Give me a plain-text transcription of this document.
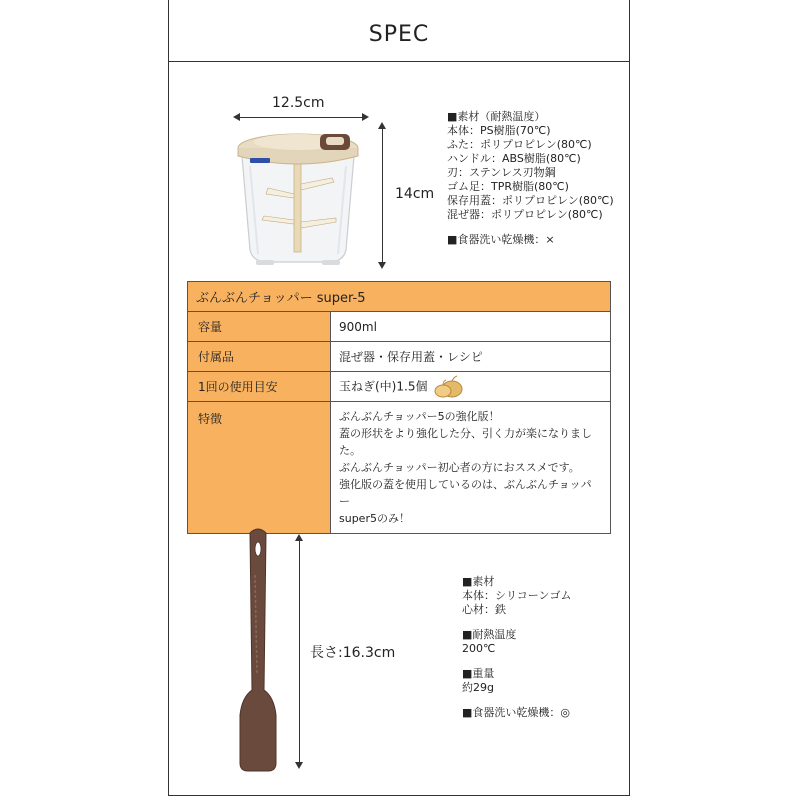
SPEC
12.5cm
14cm
■素材（耐熱温度）
本体：PS樹脂(70℃)
ふた：ポリプロピレン(80℃)
ハンドル：ABS樹脂(80℃)
刃：ステンレス刃物鋼
ゴム足：TPR樹脂(80℃)
保存用蓋：ポリプロピレン(80℃)
混ぜ器：ポリプロピレン(80℃)
■食器洗い乾燥機：×
ぶんぶんチョッパー super-5	
容量	900ml
付属品	混ぜ器・保存用蓋・レシピ
1回の使用目安	玉ねぎ(中)1.5個
特徴	ぶんぶんチョッパー5の強化版！
蓋の形状をより強化した分、引く力が楽になりました。
ぶんぶんチョッパー初心者の方におススメです。
強化版の蓋を使用しているのは、ぶんぶんチョッパー
super5のみ！
長さ:16.3cm
■素材
本体：シリコーンゴム
心材：鉄
■耐熱温度
200℃
■重量
約29g
■食器洗い乾燥機：◎
